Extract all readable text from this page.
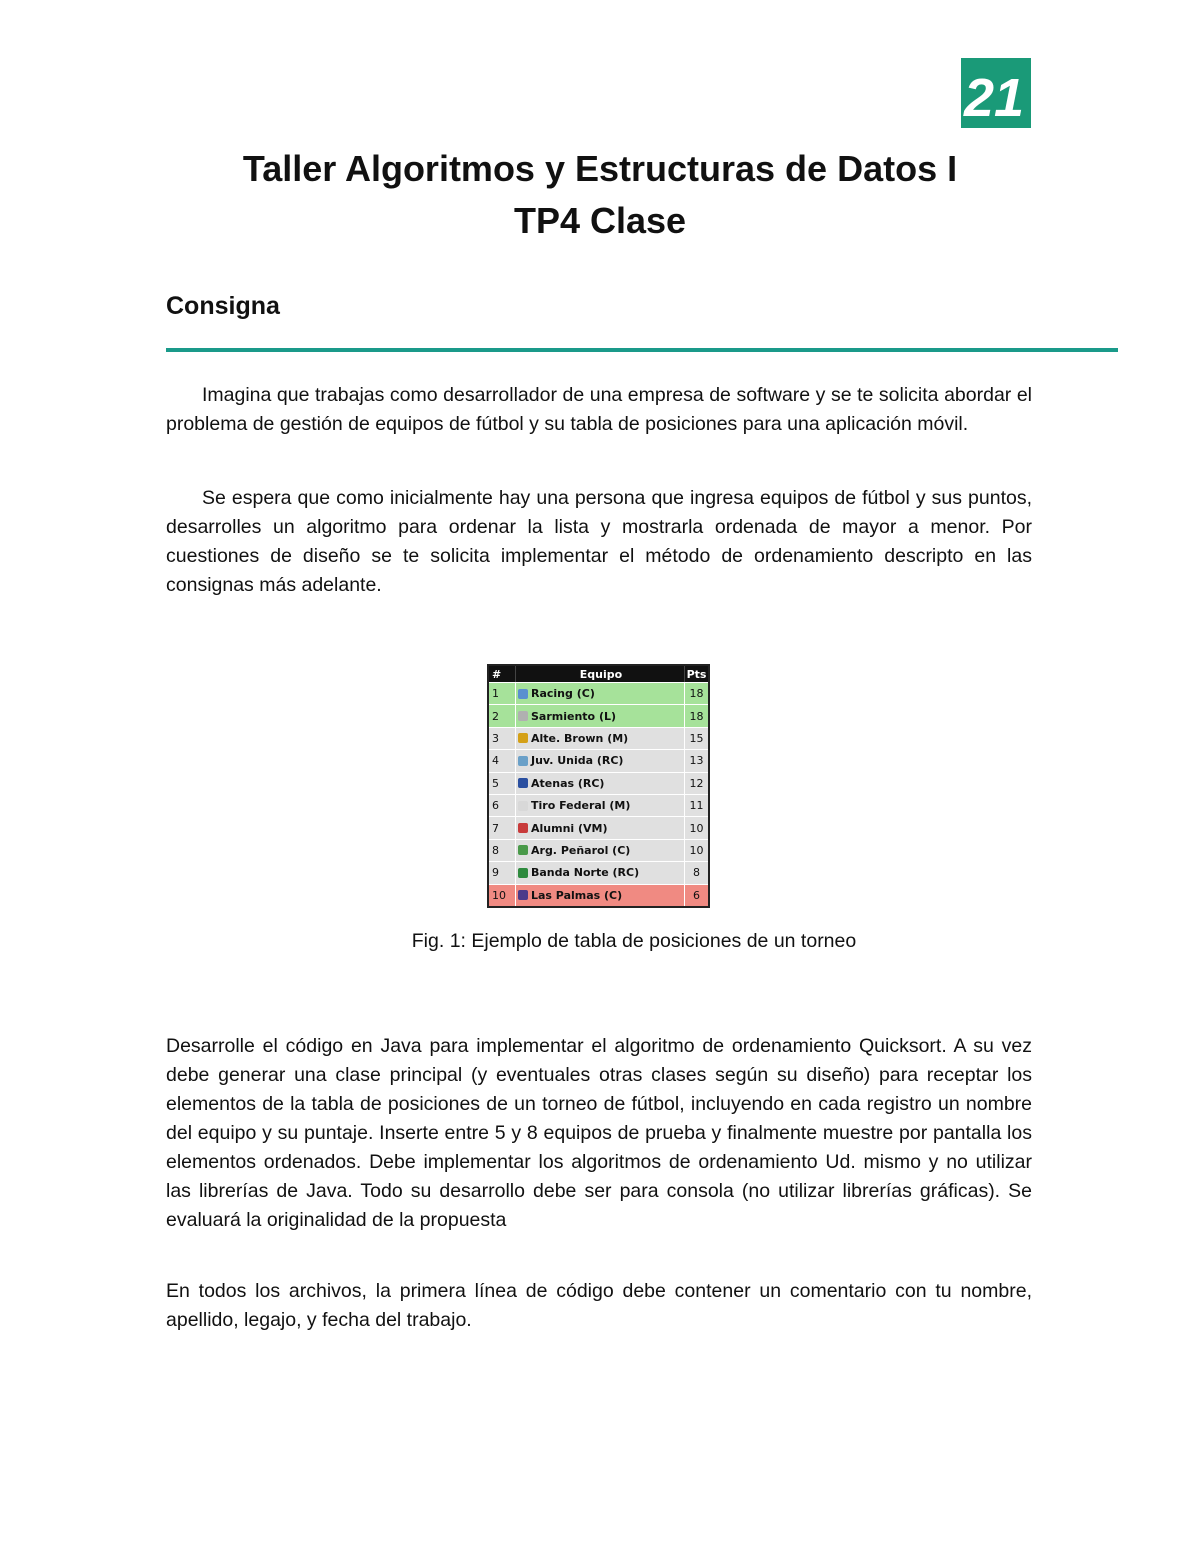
21
Taller Algoritmos y Estructuras de Datos I
TP4 Clase
Consigna

Imagina que trabajas como desarrollador de una empresa de software y se te solicita abordar el problema de gestión de equipos de fútbol y su tabla de posiciones para una aplicación móvil.

Se espera que como inicialmente hay una persona que ingresa equipos de fútbol y sus puntos, desarrolles un algoritmo para ordenar la lista y mostrarla ordenada de mayor a menor. Por cuestiones de diseño se te solicita implementar el método de ordenamiento descripto en las consignas más adelante.

#	Equipo	Pts
1	Racing (C)	18
2	Sarmiento (L)	18
3	Alte. Brown (M)	15
4	Juv. Unida (RC)	13
5	Atenas (RC)	12
6	Tiro Federal (M)	11
7	Alumni (VM)	10
8	Arg. Peñarol (C)	10
9	Banda Norte (RC)	8
10	Las Palmas (C)	6

Fig. 1: Ejemplo de tabla de posiciones de un torneo

Desarrolle el código en Java para implementar el algoritmo de ordenamiento Quicksort. A su vez debe generar una clase principal (y eventuales otras clases según su diseño) para receptar los elementos de la tabla de posiciones de un torneo de fútbol, incluyendo en cada registro un nombre del equipo y su puntaje. Inserte entre 5 y 8 equipos de prueba y finalmente muestre por pantalla los elementos ordenados. Debe implementar los algoritmos de ordenamiento Ud. mismo y no utilizar las librerías de Java. Todo su desarrollo debe ser para consola (no utilizar librerías gráficas). Se evaluará la originalidad de la propuesta

En todos los archivos, la primera línea de código debe contener un comentario con tu nombre, apellido, legajo, y fecha del trabajo.
